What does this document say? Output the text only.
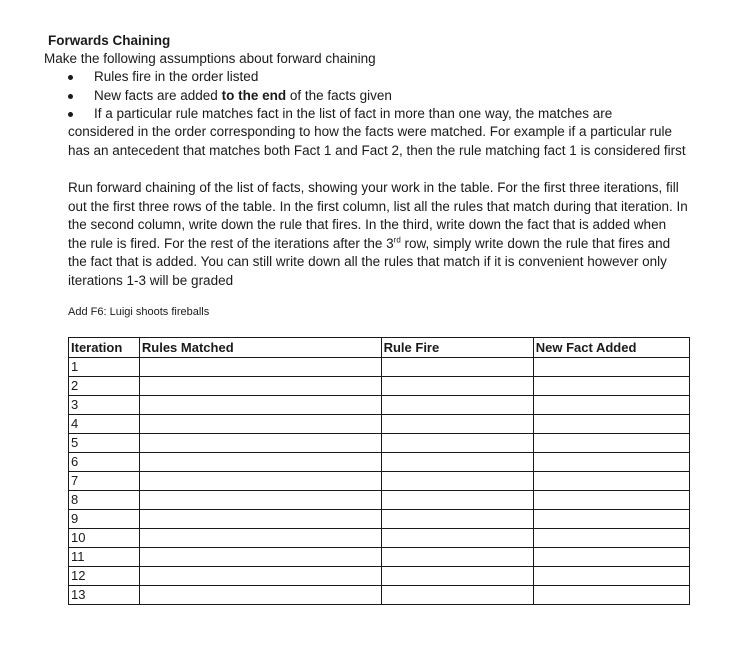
Forwards Chaining
Make the following assumptions about forward chaining
Rules fire in the order listed
New facts are added to the end of the facts given
If a particular rule matches fact in the list of fact in more than one way, the matches are
considered in the order corresponding to how the facts were matched. For example if a particular rule has an antecedent that matches both Fact 1 and Fact 2, then the rule matching fact 1 is considered first
Run forward chaining of the list of facts, showing your work in the table. For the first three iterations, fill out the first three rows of the table. In the first column, list all the rules that match during that iteration. In the second column, write down the rule that fires. In the third, write down the fact that is added when the rule is fired. For the rest of the iterations after the 3rd row, simply write down the rule that fires and the fact that is added. You can still write down all the rules that match if it is convenient however only iterations 1-3 will be graded
Add F6: Luigi shoots fireballs
Iteration	Rules Matched	Rule Fire	New Fact Added
1			
2			
3			
4			
5			
6			
7			
8			
9			
10			
11			
12			
13			
